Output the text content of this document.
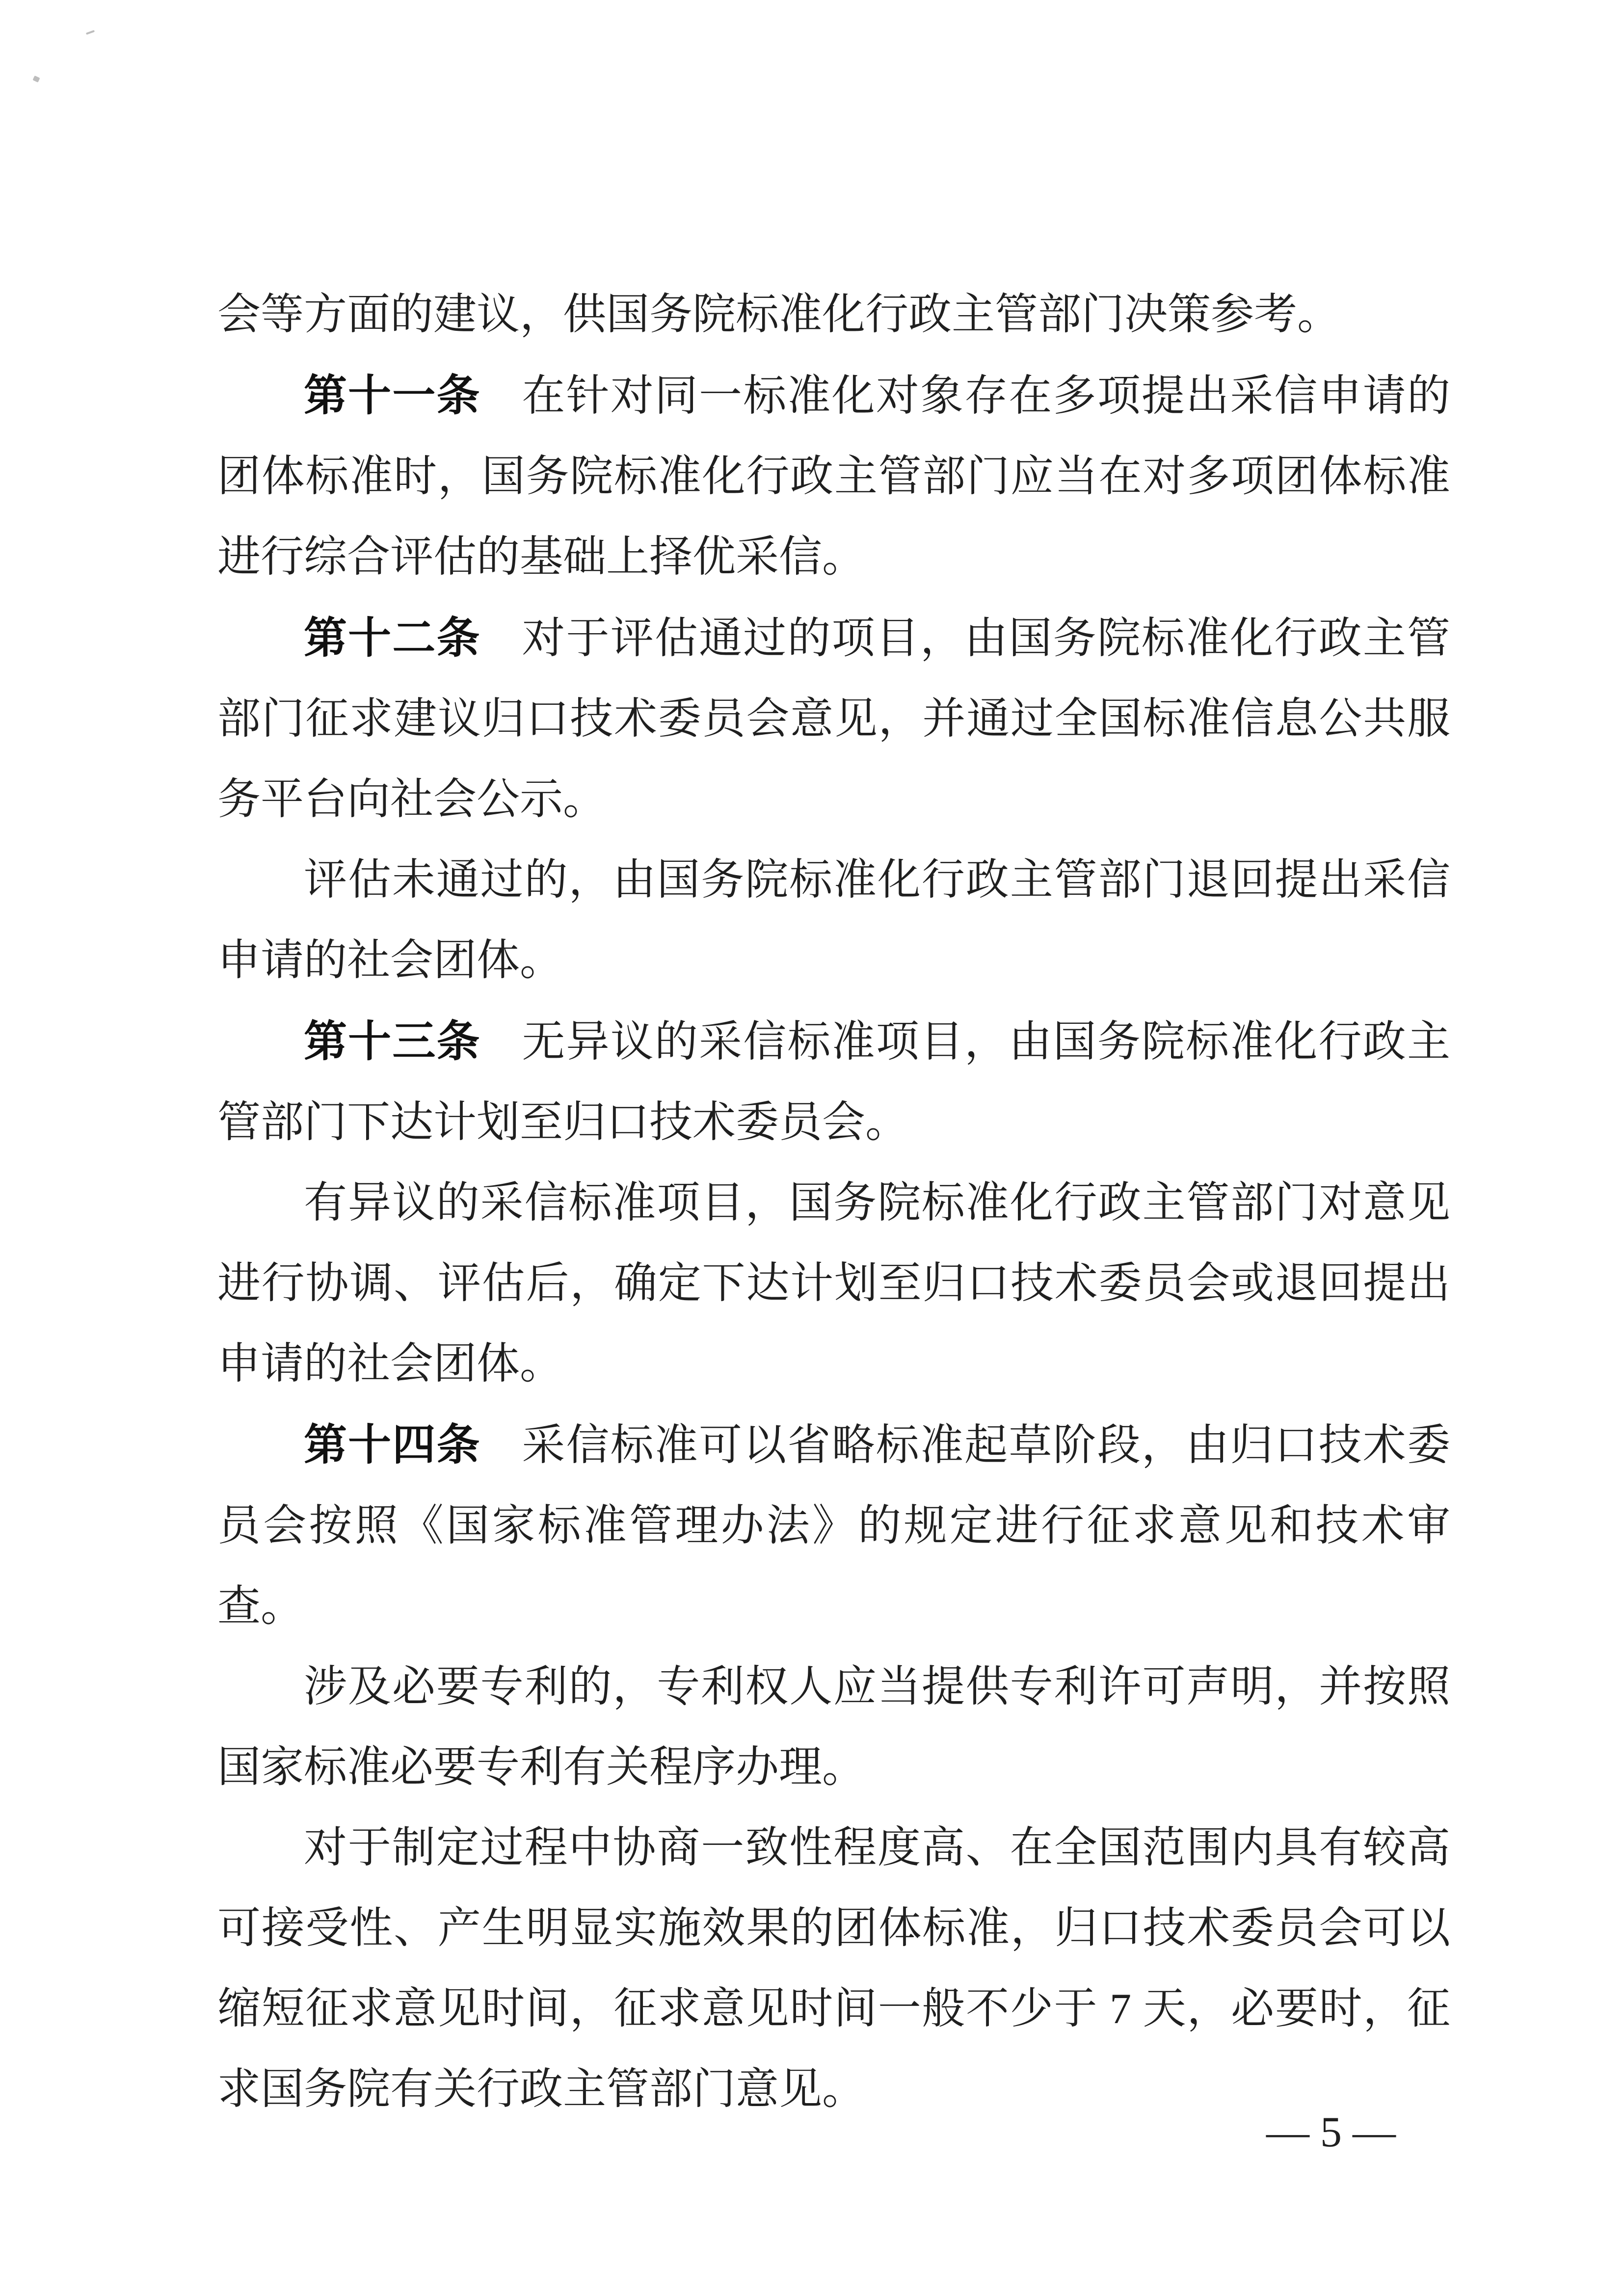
会等方面的建议，供国务院标准化行政主管部门决策参考。

第十一条 在针对同一标准化对象存在多项提出采信申请的团体标准时，国务院标准化行政主管部门应当在对多项团体标准进行综合评估的基础上择优采信。

第十二条 对于评估通过的项目，由国务院标准化行政主管部门征求建议归口技术委员会意见，并通过全国标准信息公共服务平台向社会公示。

评估未通过的，由国务院标准化行政主管部门退回提出采信申请的社会团体。

第十三条 无异议的采信标准项目，由国务院标准化行政主管部门下达计划至归口技术委员会。

有异议的采信标准项目，国务院标准化行政主管部门对意见进行协调、评估后，确定下达计划至归口技术委员会或退回提出申请的社会团体。

第十四条 采信标准可以省略标准起草阶段，由归口技术委员会按照《国家标准管理办法》的规定进行征求意见和技术审查。

涉及必要专利的，专利权人应当提供专利许可声明，并按照国家标准必要专利有关程序办理。

对于制定过程中协商一致性程度高、在全国范围内具有较高可接受性、产生明显实施效果的团体标准，归口技术委员会可以缩短征求意见时间，征求意见时间一般不少于 7 天，必要时，征求国务院有关行政主管部门意见。

— 5 —
